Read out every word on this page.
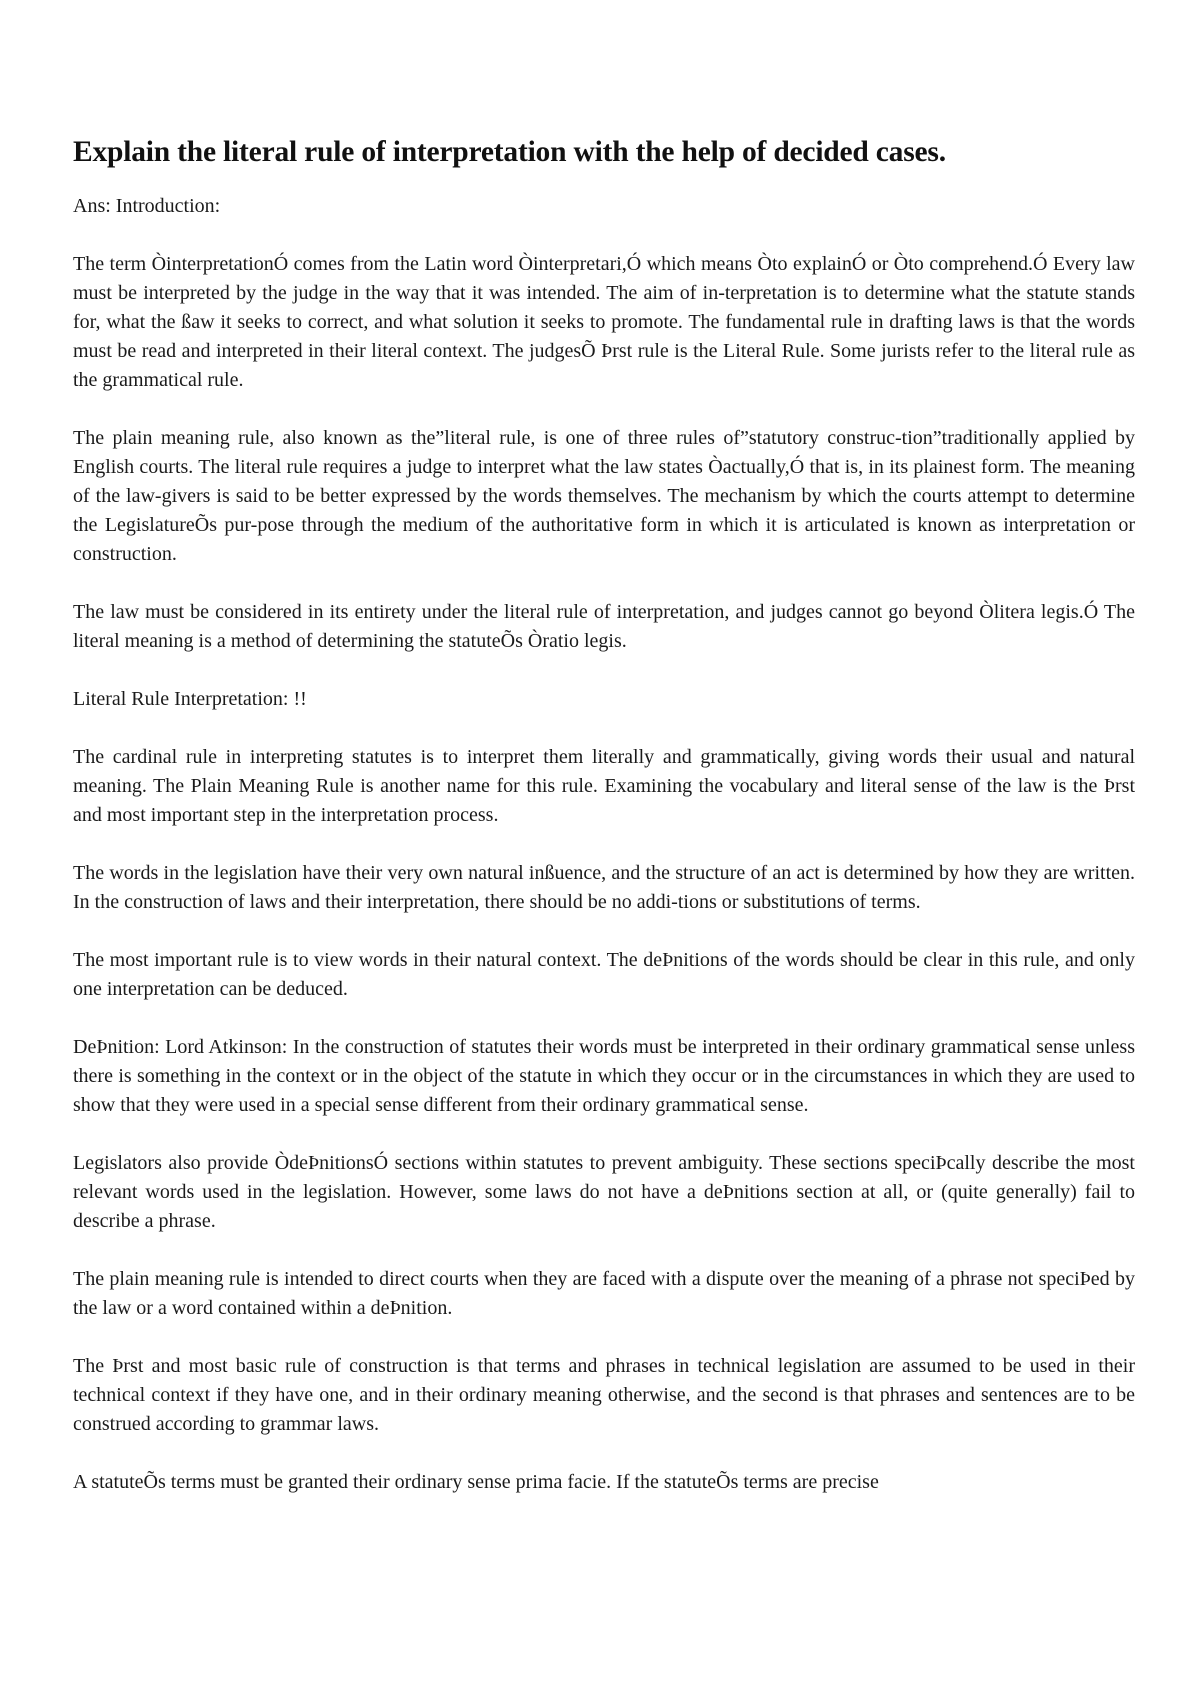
Explain the literal rule of interpretation with the help of decided cases.

Ans: Introduction:

The term ÒinterpretationÓ comes from the Latin word Òinterpretari,Ó which means Òto explainÓ or Òto comprehend.Ó Every law must be interpreted by the judge in the way that it was intended. The aim of in-terpretation is to determine what the statute stands for, what the ßaw it seeks to correct, and what solution it seeks to promote. The fundamental rule in drafting laws is that the words must be read and interpreted in their literal context. The judgesÕ Þrst rule is the Literal Rule. Some jurists refer to the literal rule as the grammatical rule.

The plain meaning rule, also known as the”literal rule, is one of three rules of”statutory construc-tion”traditionally applied by English courts. The literal rule requires a judge to interpret what the law states Òactually,Ó that is, in its plainest form. The meaning of the law-givers is said to be better expressed by the words themselves. The mechanism by which the courts attempt to determine the LegislatureÕs pur-pose through the medium of the authoritative form in which it is articulated is known as interpretation or construction.

The law must be considered in its entirety under the literal rule of interpretation, and judges cannot go beyond Òlitera legis.Ó The literal meaning is a method of determining the statuteÕs Òratio legis.

Literal Rule Interpretation: !!

The cardinal rule in interpreting statutes is to interpret them literally and grammatically, giving words their usual and natural meaning. The Plain Meaning Rule is another name for this rule. Examining the vocabulary and literal sense of the law is the Þrst and most important step in the interpretation process.

The words in the legislation have their very own natural inßuence, and the structure of an act is determined by how they are written. In the construction of laws and their interpretation, there should be no addi-tions or substitutions of terms.

The most important rule is to view words in their natural context. The deÞnitions of the words should be clear in this rule, and only one interpretation can be deduced.

DeÞnition: Lord Atkinson: In the construction of statutes their words must be interpreted in their ordinary grammatical sense unless there is something in the context or in the object of the statute in which they occur or in the circumstances in which they are used to show that they were used in a special sense different from their ordinary grammatical sense.

Legislators also provide ÒdeÞnitionsÓ sections within statutes to prevent ambiguity. These sections speciÞcally describe the most relevant words used in the legislation. However, some laws do not have a deÞnitions section at all, or (quite generally) fail to describe a phrase.

The plain meaning rule is intended to direct courts when they are faced with a dispute over the meaning of a phrase not speciÞed by the law or a word contained within a deÞnition.

The Þrst and most basic rule of construction is that terms and phrases in technical legislation are assumed to be used in their technical context if they have one, and in their ordinary meaning otherwise, and the second is that phrases and sentences are to be construed according to grammar laws.

A statuteÕs terms must be granted their ordinary sense prima facie. If the statuteÕs terms are precise
